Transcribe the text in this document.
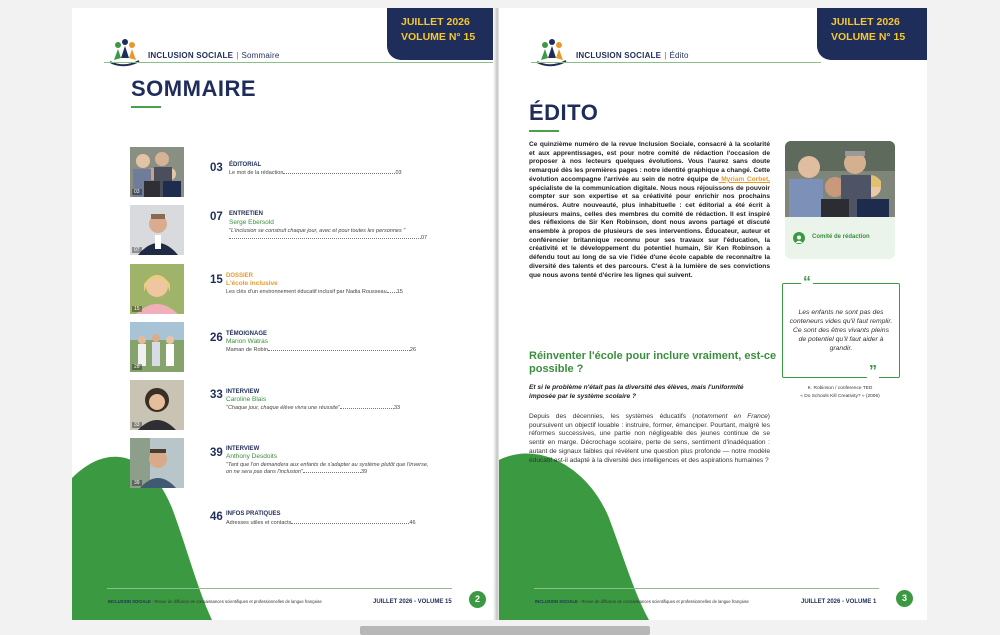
INCLUSION SOCIALE | Sommaire
JUILLET 2026
VOLUME N° 15
SOMMAIRE
03
03 ÉDITORIAL
Le mot de la rédaction	03
07
07 ENTRETIEN
Serge Ebersold
"L'inclusion se construit chaque jour, avec et pour toutes les personnes "
07
15
15 DOSSIER
L'école inclusive
Les clés d'un environnement éducatif inclusif par Nadia Rousseau 15
26
26 TÉMOIGNAGE
Marion Watras
Maman de Robin	26
33
33 INTERVIEW
Caroline Blais
"Chaque jour, chaque élève vivra une réussite"	33
39
39 INTERVIEW
Anthony Desdoits
"Tant que l'on demandera aux enfants de s'adapter au système plutôt que l'inverse, on ne sera pas dans l'inclusion"	39
46 INFOS PRATIQUES
Adresses utiles et contacts	46
INCLUSION SOCIALE - Revue de diffusion de connaissances scientifiques et professionnelles de langue française	JUILLET 2026 - VOLUME 15	2
INCLUSION SOCIALE | Édito
JUILLET 2026
VOLUME N° 15
ÉDITO
Ce quinzième numéro de la revue Inclusion Sociale, consacré à la scolarité et aux apprentissages, est pour notre comité de rédaction l'occasion de proposer à nos lecteurs quelques évolutions. Vous l'aurez sans doute remarqué dès les premières pages : notre identité graphique a changé. Cette évolution accompagne l'arrivée au sein de notre équipe de Myriam Corbet, spécialiste de la communication digitale. Nous nous réjouissons de pouvoir compter sur son expertise et sa créativité pour enrichir nos prochains numéros. Autre nouveauté, plus inhabituelle : cet éditorial a été écrit à plusieurs mains, celles des membres du comité de rédaction. Il est inspiré des réflexions de Sir Ken Robinson, dont nous avons partagé et discuté ensemble à propos de plusieurs de ses interventions. Éducateur, auteur et conférencier britannique reconnu pour ses travaux sur l'éducation, la créativité et le développement du potentiel humain, Sir Ken Robinson a défendu tout au long de sa vie l'idée d'une école capable de reconnaître la diversité des talents et des parcours. C'est à la lumière de ses convictions que nous avons tenté d'écrire les lignes qui suivent.
Réinventer l'école pour inclure vraiment, est-ce possible ?
Et si le problème n'était pas la diversité des élèves, mais l'uniformité imposée par le système scolaire ?
Depuis des décennies, les systèmes éducatifs (notamment en France) poursuivent un objectif louable : instruire, former, émanciper. Pourtant, malgré les réformes successives, une partie non négligeable des jeunes continue de se sentir en marge. Décrochage scolaire, perte de sens, sentiment d'inadéquation : autant de signaux faibles qui révèlent une question plus profonde — notre modèle éducatif est-il adapté à la diversité des intelligences et des aspirations humaines ?
Comité de rédaction
“
”
Les enfants ne sont pas des conteneurs vides qu'il faut remplir. Ce sont des êtres vivants pleins de potentiel qu'il faut aider à grandir.
K. Robinson / conference TED
« Do Schools Kill Creativity? » (2006)
INCLUSION SOCIALE - Revue de diffusion de connaissances scientifiques et professionnelles de langue française	JUILLET 2026 - VOLUME 1	3
